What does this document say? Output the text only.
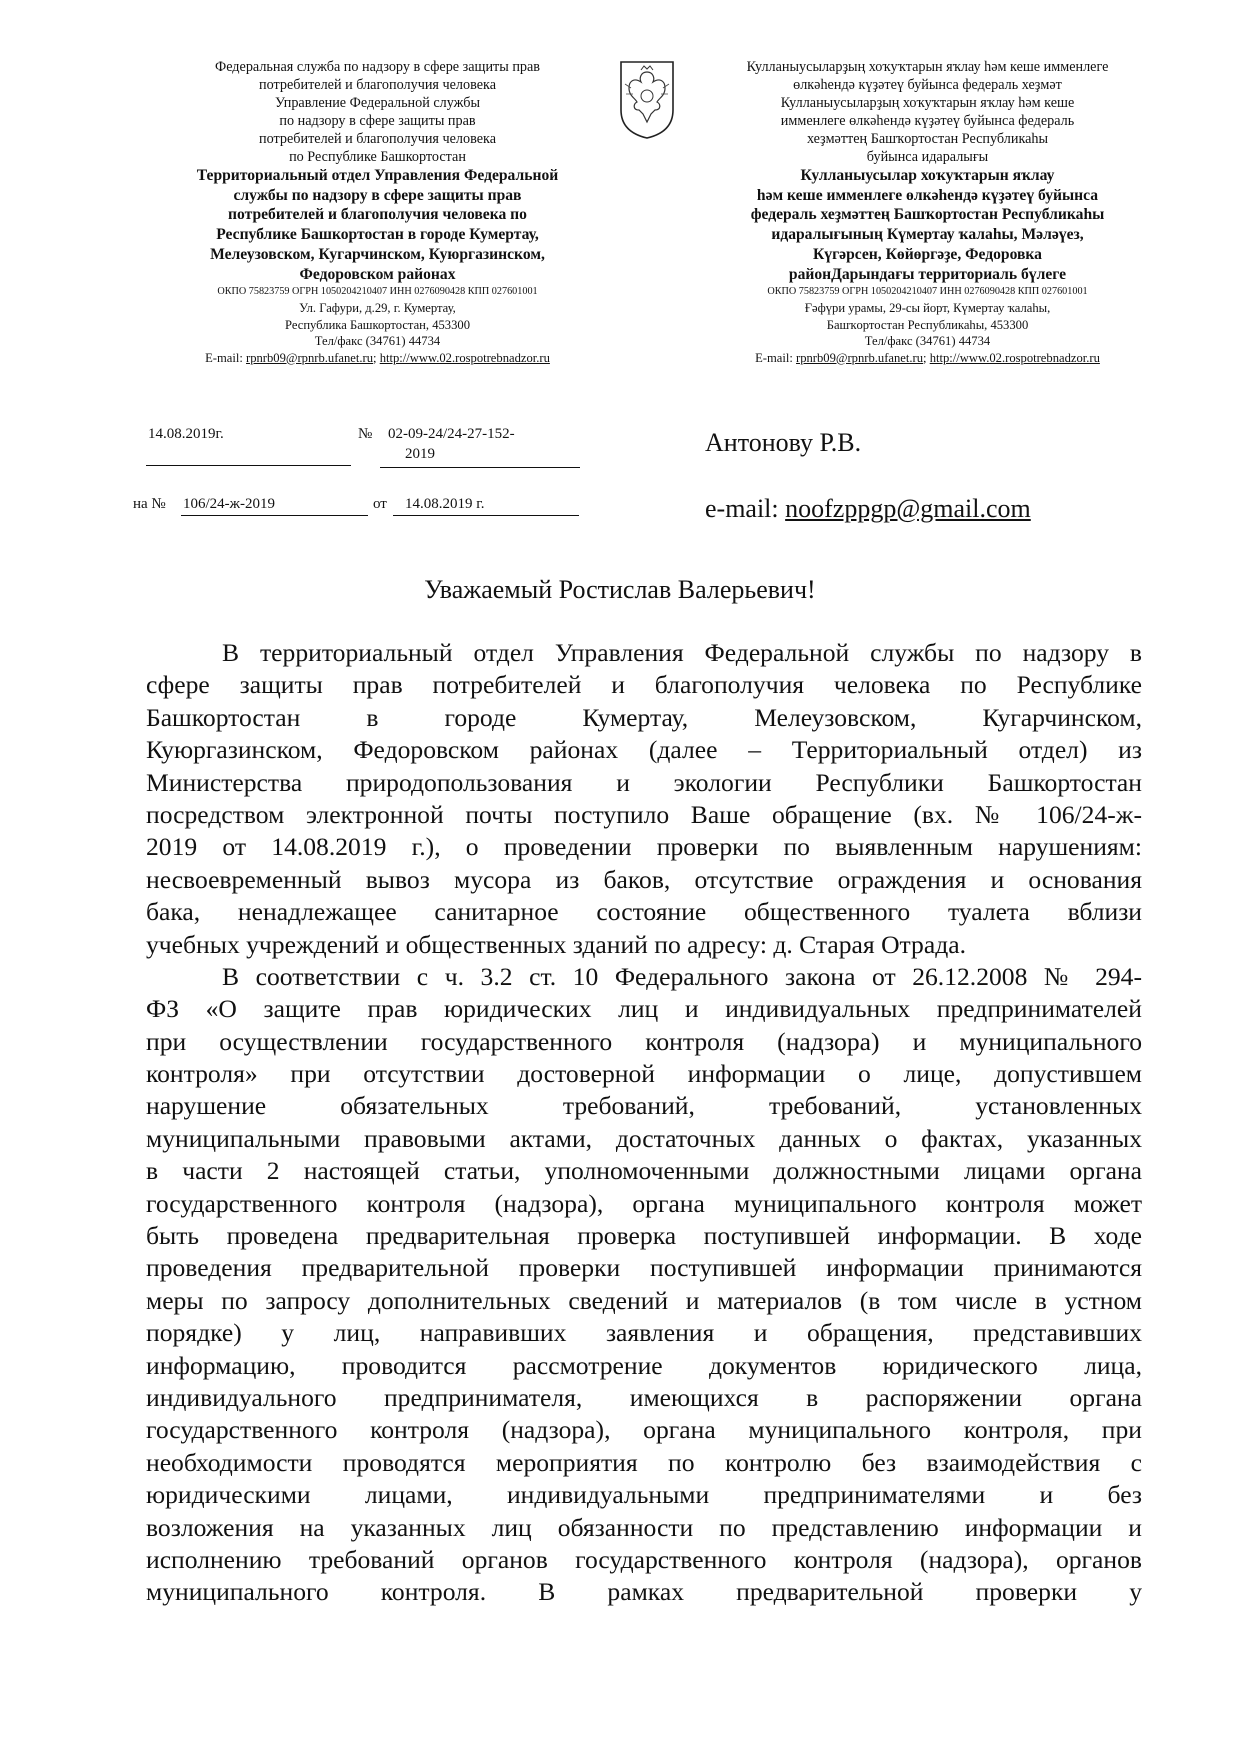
Федеральная служба по надзору в сфере защиты прав
потребителей и благополучия человека
Управление Федеральной службы
по надзору в сфере защиты прав
потребителей и благополучия человека
по Республике Башкортостан
Территориальный отдел Управления Федеральной
службы по надзору в сфере защиты прав
потребителей и благополучия человека по
Республике Башкортостан в городе Кумертау,
Мелеузовском, Кугарчинском, Куюргазинском,
Федоровском районах
ОКПО 75823759 ОГРН 1050204210407 ИНН 0276090428 КПП 027601001
Ул. Гафури, д.29, г. Кумертау,
Республика Башкортостан, 453300
Тел/факс (34761) 44734
E-mail: rpnrb09@rpnrb.ufanet.ru; http://www.02.rospotrebnadzor.ru
Кулланыусыларҙың хоҡуҡтарын яҡлау һәм кеше имменлеге
өлкәһендә күҙәтеү буйынса федераль хеҙмәт
Кулланыусыларҙың хоҡуҡтарын яҡлау һәм кеше
имменлеге өлкәһендә күҙәтеү буйынса федераль
хеҙмәттең Башҡортостан Республикаһы
буйынса идаралығы
Кулланыусылар хоҡуҡтарын яҡлау
һәм кеше имменлеге өлкәһендә күҙәтеү буйынса
федераль хеҙмәттең Башҡортостан Республикаһы
идаралығының Күмертау ҡалаһы, Мәләүез,
Күгәрсен, Көйөргәҙе, Федоровка
районДарындағы территориаль бүлеге
ОКПО 75823759 ОГРН 1050204210407 ИНН 0276090428 КПП 027601001
Ғәфүри урамы, 29-сы йорт, Күмертау ҡалаһы,
Башҡортостан Республикаһы, 453300
Тел/факс (34761) 44734
E-mail: rpnrb09@rpnrb.ufanet.ru; http://www.02.rospotrebnadzor.ru
14.08.2019г.	№ 02-09-24/24-27-152-
2019
на № 106/24-ж-2019	от 14.08.2019 г.
Антонову Р.В.
e-mail: noofzppgp@gmail.com
Уважаемый Ростислав Валерьевич!
В территориальный отдел Управления Федеральной службы по надзору в
сфере защиты прав потребителей и благополучия человека по Республике
Башкортостан в городе Кумертау, Мелеузовском, Кугарчинском,
Куюргазинском, Федоровском районах (далее – Территориальный отдел) из
Министерства природопользования и экологии Республики Башкортостан
посредством электронной почты поступило Ваше обращение (вх. № 106/24-ж-
2019 от 14.08.2019 г.), о проведении проверки по выявленным нарушениям:
несвоевременный вывоз мусора из баков, отсутствие ограждения и основания
бака, ненадлежащее санитарное состояние общественного туалета вблизи
учебных учреждений и общественных зданий по адресу: д. Старая Отрада.
В соответствии с ч. 3.2 ст. 10 Федерального закона от 26.12.2008 № 294-
ФЗ «О защите прав юридических лиц и индивидуальных предпринимателей
при осуществлении государственного контроля (надзора) и муниципального
контроля» при отсутствии достоверной информации о лице, допустившем
нарушение обязательных требований, требований, установленных
муниципальными правовыми актами, достаточных данных о фактах, указанных
в части 2 настоящей статьи, уполномоченными должностными лицами органа
государственного контроля (надзора), органа муниципального контроля может
быть проведена предварительная проверка поступившей информации. В ходе
проведения предварительной проверки поступившей информации принимаются
меры по запросу дополнительных сведений и материалов (в том числе в устном
порядке) у лиц, направивших заявления и обращения, представивших
информацию, проводится рассмотрение документов юридического лица,
индивидуального предпринимателя, имеющихся в распоряжении органа
государственного контроля (надзора), органа муниципального контроля, при
необходимости проводятся мероприятия по контролю без взаимодействия с
юридическими лицами, индивидуальными предпринимателями и без
возложения на указанных лиц обязанности по представлению информации и
исполнению требований органов государственного контроля (надзора), органов
муниципального контроля. В рамках предварительной проверки у
